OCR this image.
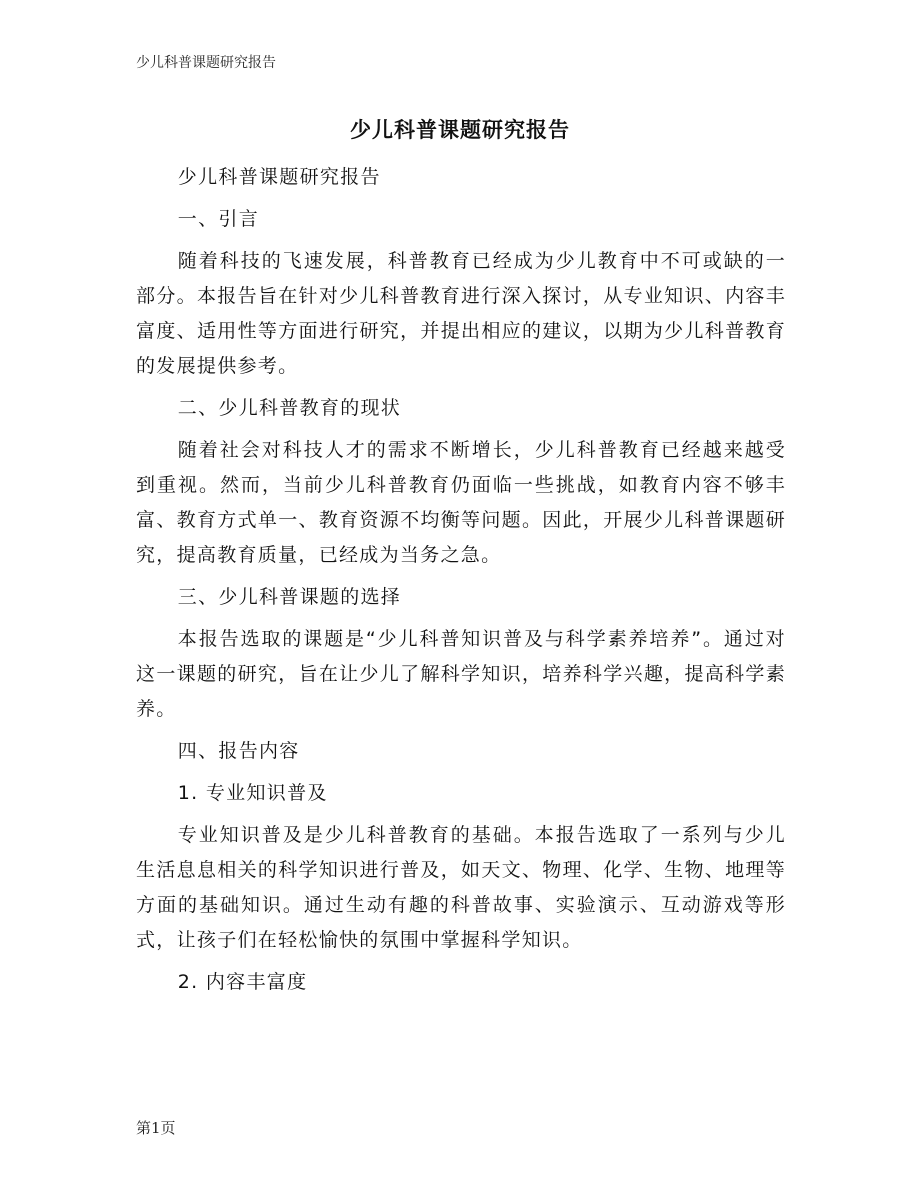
少儿科普课题研究报告
少儿科普课题研究报告

少儿科普课题研究报告

一、引言

随着科技的飞速发展，科普教育已经成为少儿教育中不可或缺的一部分。本报告旨在针对少儿科普教育进行深入探讨，从专业知识、内容丰富度、适用性等方面进行研究，并提出相应的建议，以期为少儿科普教育的发展提供参考。

二、少儿科普教育的现状

随着社会对科技人才的需求不断增长，少儿科普教育已经越来越受到重视。然而，当前少儿科普教育仍面临一些挑战，如教育内容不够丰富、教育方式单一、教育资源不均衡等问题。因此，开展少儿科普课题研究，提高教育质量，已经成为当务之急。

三、少儿科普课题的选择

本报告选取的课题是“少儿科普知识普及与科学素养培养”。通过对这一课题的研究，旨在让少儿了解科学知识，培养科学兴趣，提高科学素养。

四、报告内容

1. 专业知识普及

专业知识普及是少儿科普教育的基础。本报告选取了一系列与少儿生活息息相关的科学知识进行普及，如天文、物理、化学、生物、地理等方面的基础知识。通过生动有趣的科普故事、实验演示、互动游戏等形式，让孩子们在轻松愉快的氛围中掌握科学知识。

2. 内容丰富度

第1页
